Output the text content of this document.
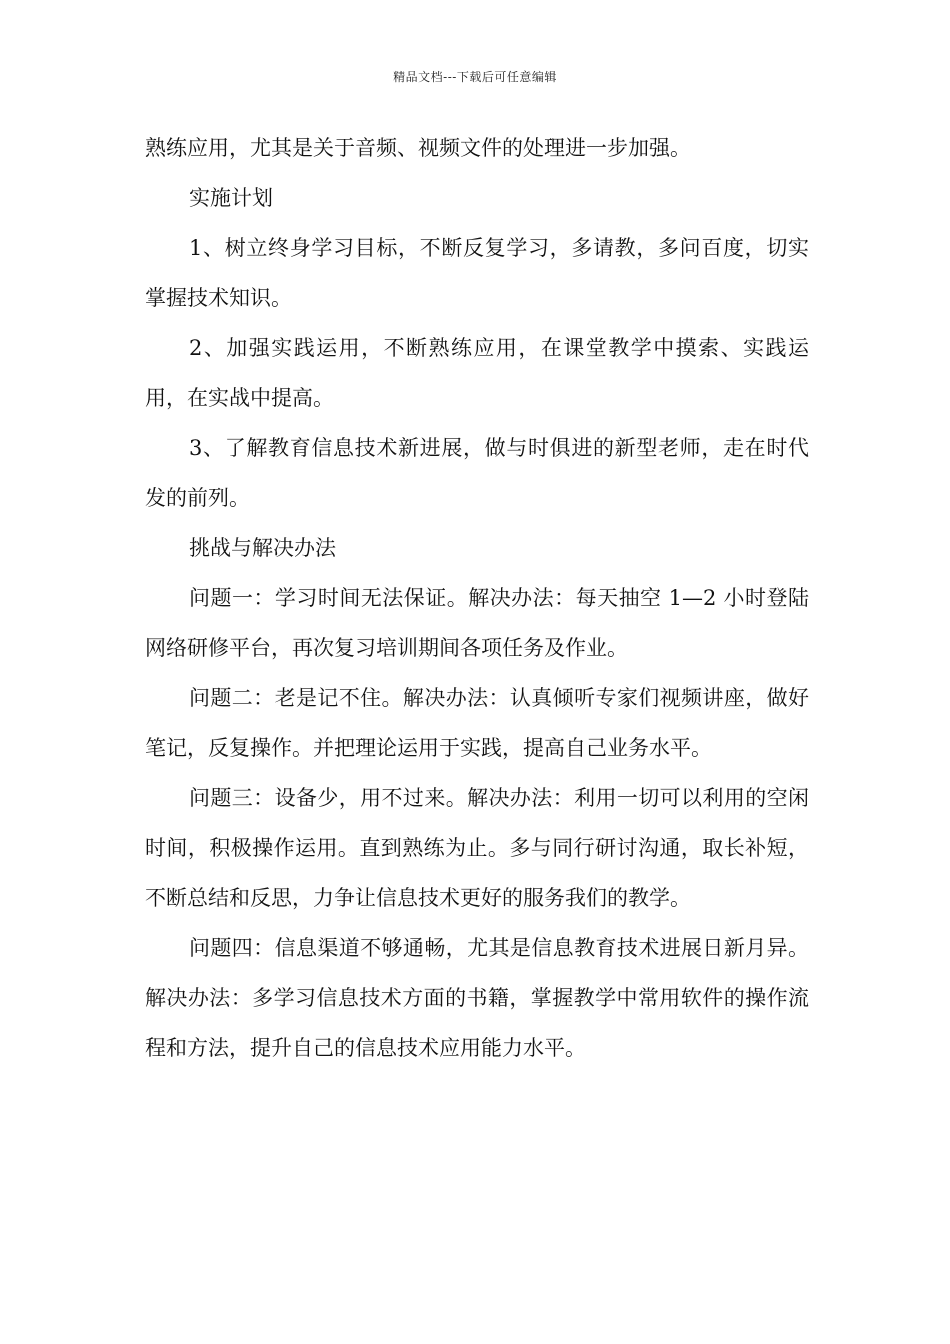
精品文档---下载后可任意编辑

熟练应用，尤其是关于音频、视频文件的处理进一步加强。

实施计划

1、树立终身学习目标，不断反复学习，多请教，多问百度，切实掌握技术知识。

2、加强实践运用，不断熟练应用，在课堂教学中摸索、实践运用，在实战中提高。

3、了解教育信息技术新进展，做与时俱进的新型老师，走在时代发的前列。

挑战与解决办法

问题一：学习时间无法保证。解决办法：每天抽空 1—2 小时登陆网络研修平台，再次复习培训期间各项任务及作业。

问题二：老是记不住。解决办法：认真倾听专家们视频讲座，做好笔记，反复操作。并把理论运用于实践，提高自己业务水平。

问题三：设备少，用不过来。解决办法：利用一切可以利用的空闲时间，积极操作运用。直到熟练为止。多与同行研讨沟通，取长补短，不断总结和反思，力争让信息技术更好的服务我们的教学。

问题四：信息渠道不够通畅，尤其是信息教育技术进展日新月异。解决办法：多学习信息技术方面的书籍，掌握教学中常用软件的操作流程和方法，提升自己的信息技术应用能力水平。
